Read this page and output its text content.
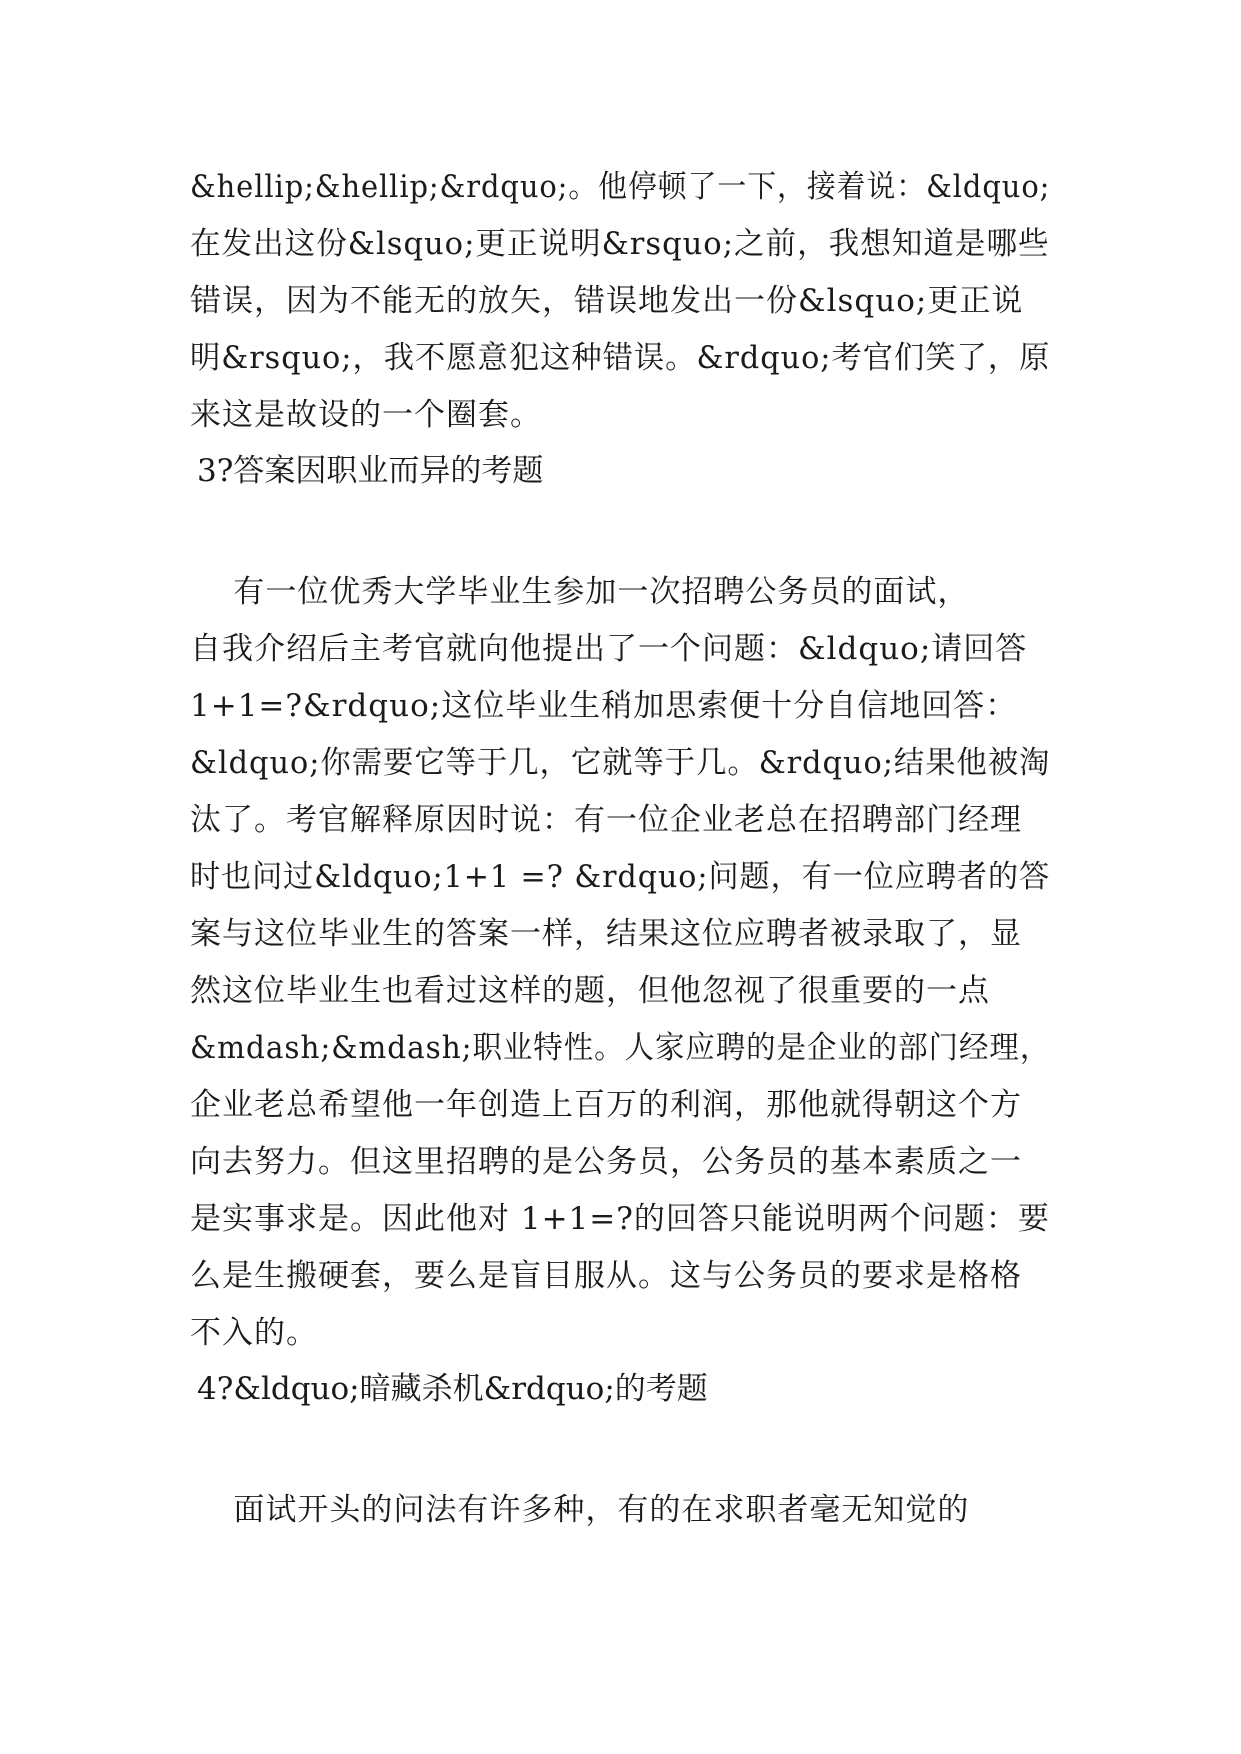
&hellip;&hellip;&rdquo;。他停顿了一下，接着说：&ldquo;
在发出这份&lsquo;更正说明&rsquo;之前，我想知道是哪些
错误，因为不能无的放矢，错误地发出一份&lsquo;更正说
明&rsquo;，我不愿意犯这种错误。&rdquo;考官们笑了，原
来这是故设的一个圈套。
3?答案因职业而异的考题
有一位优秀大学毕业生参加一次招聘公务员的面试，
自我介绍后主考官就向他提出了一个问题：&ldquo;请回答
1+1=?&rdquo;这位毕业生稍加思索便十分自信地回答：
&ldquo;你需要它等于几，它就等于几。&rdquo;结果他被淘
汰了。考官解释原因时说：有一位企业老总在招聘部门经理
时也问过&ldquo;1+1 =? &rdquo;问题，有一位应聘者的答
案与这位毕业生的答案一样，结果这位应聘者被录取了，显
然这位毕业生也看过这样的题，但他忽视了很重要的一点
&mdash;&mdash;职业特性。人家应聘的是企业的部门经理，
企业老总希望他一年创造上百万的利润，那他就得朝这个方
向去努力。但这里招聘的是公务员，公务员的基本素质之一
是实事求是。因此他对 1+1=?的回答只能说明两个问题：要
么是生搬硬套，要么是盲目服从。这与公务员的要求是格格
不入的。
4?&ldquo;暗藏杀机&rdquo;的考题
面试开头的问法有许多种，有的在求职者毫无知觉的
